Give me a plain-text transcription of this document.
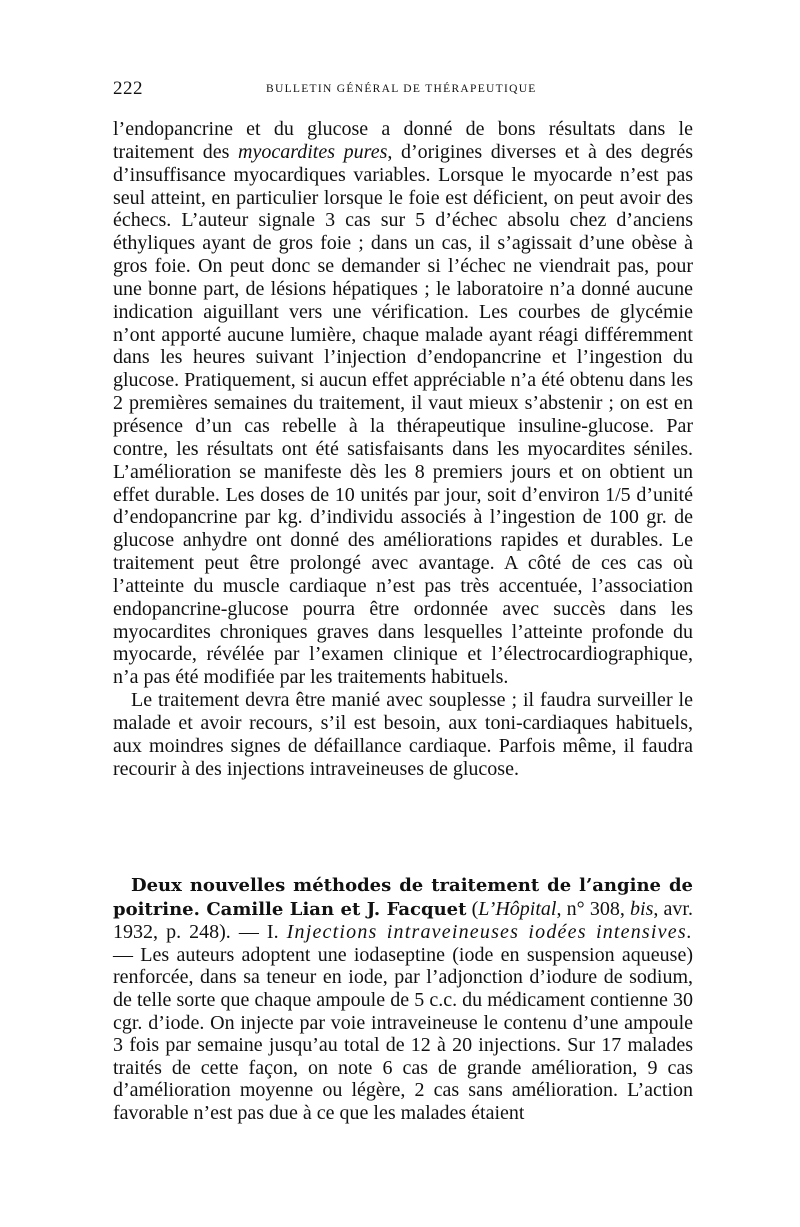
222	BULLETIN GÉNÉRAL DE THÉRAPEUTIQUE

l’endopancrine et du glucose a donné de bons résultats dans le traitement des myocardites pures, d’origines diverses et à des degrés d’insuffisance myocardiques variables. Lorsque le myocarde n’est pas seul atteint, en particulier lorsque le foie est déficient, on peut avoir des échecs. L’auteur signale 3 cas sur 5 d’échec absolu chez d’anciens éthyliques ayant de gros foie ; dans un cas, il s’agissait d’une obèse à gros foie. On peut donc se demander si l’échec ne viendrait pas, pour une bonne part, de lésions hépatiques ; le laboratoire n’a donné aucune indication aiguillant vers une vérification. Les courbes de glycémie n’ont apporté aucune lumière, chaque malade ayant réagi différemment dans les heures suivant l’injection d’endopancrine et l’ingestion du glucose. Pratiquement, si aucun effet appréciable n’a été obtenu dans les 2 premières semaines du traitement, il vaut mieux s’abstenir ; on est en présence d’un cas rebelle à la thérapeutique insuline-glucose. Par contre, les résultats ont été satisfaisants dans les myocardites séniles. L’amélioration se manifeste dès les 8 premiers jours et on obtient un effet durable. Les doses de 10 unités par jour, soit d’environ 1/5 d’unité d’endopancrine par kg. d’individu associés à l’ingestion de 100 gr. de glucose anhydre ont donné des améliorations rapides et durables. Le traitement peut être prolongé avec avantage. A côté de ces cas où l’atteinte du muscle cardiaque n’est pas très accentuée, l’association endopancrine-glucose pourra être ordonnée avec succès dans les myocardites chroniques graves dans lesquelles l’atteinte profonde du myocarde, révélée par l’examen clinique et l’électrocardiographique, n’a pas été modifiée par les traitements habituels.

Le traitement devra être manié avec souplesse ; il faudra surveiller le malade et avoir recours, s’il est besoin, aux toni-cardiaques habituels, aux moindres signes de défaillance cardiaque. Parfois même, il faudra recourir à des injections intraveineuses de glucose.

Deux nouvelles méthodes de traitement de l’angine de poitrine. Camille Lian et J. Facquet (L’Hôpital, n° 308, bis, avr. 1932, p. 248). — I. Injections intraveineuses iodées intensives. — Les auteurs adoptent une iodaseptine (iode en suspension aqueuse) renforcée, dans sa teneur en iode, par l’adjonction d’iodure de sodium, de telle sorte que chaque ampoule de 5 c.c. du médicament contienne 30 cgr. d’iode. On injecte par voie intraveineuse le contenu d’une ampoule 3 fois par semaine jusqu’au total de 12 à 20 injections. Sur 17 malades traités de cette façon, on note 6 cas de grande amélioration, 9 cas d’amélioration moyenne ou légère, 2 cas sans amélioration. L’action favorable n’est pas due à ce que les malades étaient
